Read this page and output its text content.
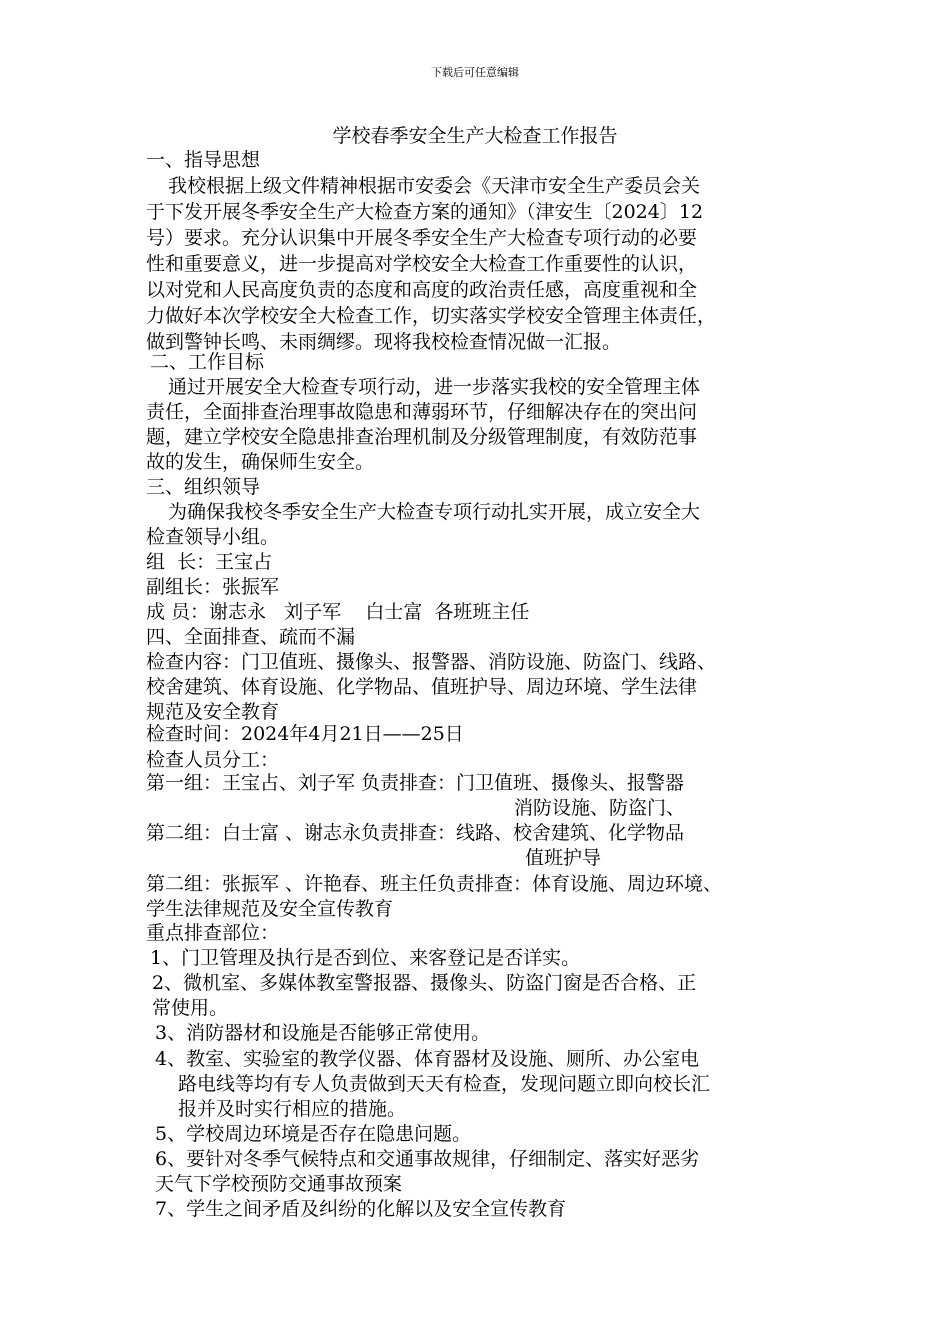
下载后可任意编辑
学校春季安全生产大检查工作报告
一、指导思想
我校根据上级文件精神根据市安委会《天津市安全生产委员会关
于下发开展冬季安全生产大检查方案的通知》（津安生〔2024〕12
号）要求。充分认识集中开展冬季安全生产大检查专项行动的必要
性和重要意义，进一步提高对学校安全大检查工作重要性的认识，
以对党和人民高度负责的态度和高度的政治责任感，高度重视和全
力做好本次学校安全大检查工作，切实落实学校安全管理主体责任，
做到警钟长鸣、未雨绸缪。现将我校检查情况做一汇报。
二、工作目标
通过开展安全大检查专项行动，进一步落实我校的安全管理主体
责任，全面排查治理事故隐患和薄弱环节，仔细解决存在的突出问
题，建立学校安全隐患排查治理机制及分级管理制度，有效防范事
故的发生，确保师生安全。
三、组织领导
为确保我校冬季安全生产大检查专项行动扎实开展，成立安全大
检查领导小组。
组  长：王宝占
副组长：张振军
成 员：谢志永   刘子军    白士富  各班班主任
四、全面排查、疏而不漏
检查内容：门卫值班、摄像头、报警器、消防设施、防盗门、线路、
校舍建筑、体育设施、化学物品、值班护导、周边环境、学生法律
规范及安全教育
检查时间：2024年4月21日——25日
检查人员分工：
第一组：王宝占、刘子军 负责排查：门卫值班、摄像头、报警器
消防设施、防盗门、
第二组：白士富 、谢志永负责排查：线路、校舍建筑、化学物品
值班护导
第二组：张振军 、许艳春、班主任负责排查：体育设施、周边环境、
学生法律规范及安全宣传教育
重点排查部位：
1、门卫管理及执行是否到位、来客登记是否详实。
2、微机室、多媒体教室警报器、摄像头、防盗门窗是否合格、正
常使用。
3、消防器材和设施是否能够正常使用。
4、教室、实验室的教学仪器、体育器材及设施、厕所、办公室电
路电线等均有专人负责做到天天有检查，发现问题立即向校长汇
报并及时实行相应的措施。
5、学校周边环境是否存在隐患问题。
6、要针对冬季气候特点和交通事故规律，仔细制定、落实好恶劣
天气下学校预防交通事故预案
7、学生之间矛盾及纠纷的化解以及安全宣传教育
